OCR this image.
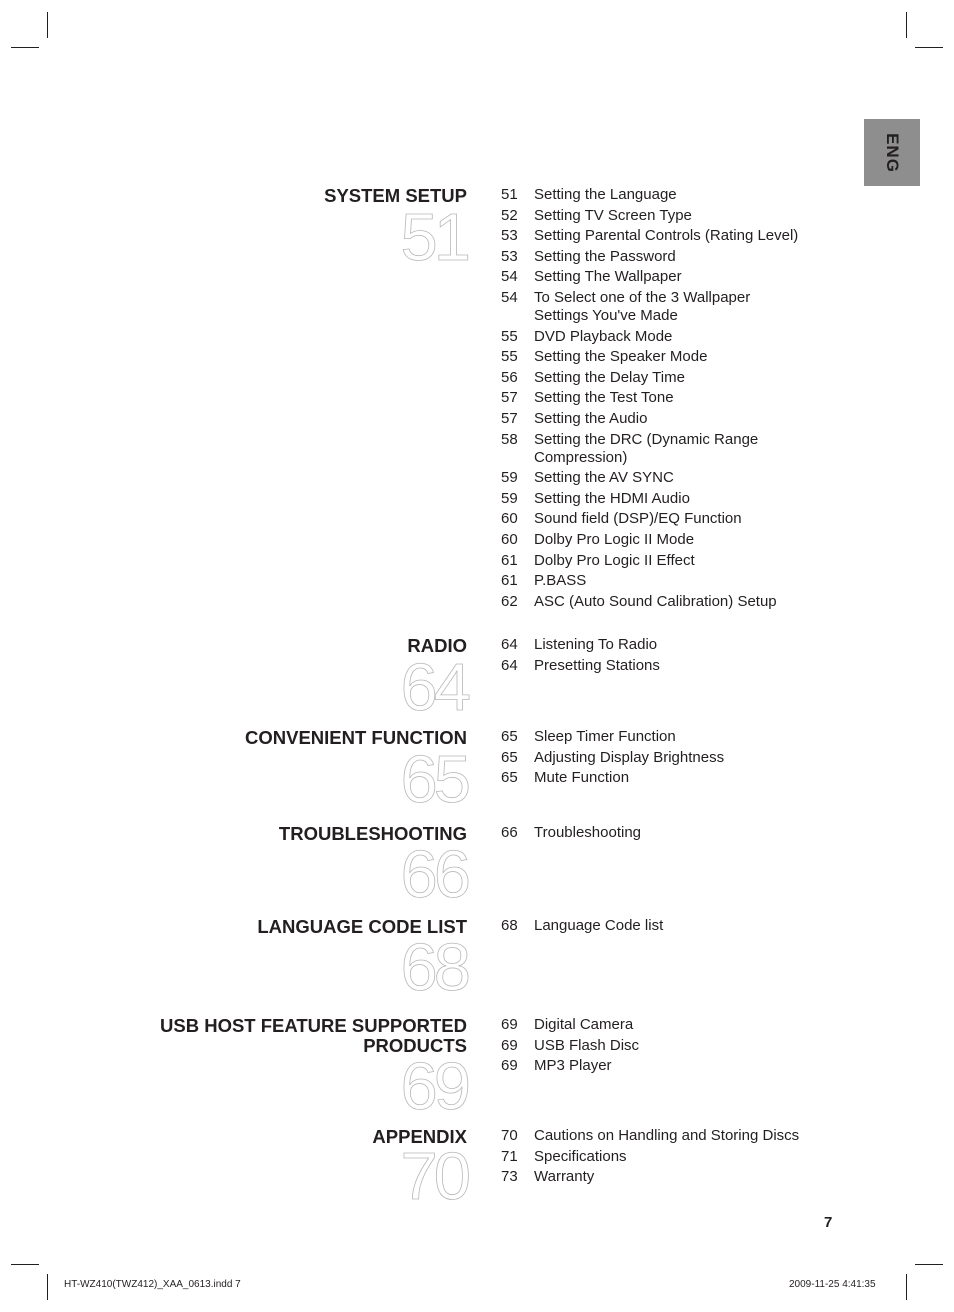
ENG
SYSTEM SETUP
51
51	Setting the Language
52	Setting TV Screen Type
53	Setting Parental Controls (Rating Level)
53	Setting the Password
54	Setting The Wallpaper
54	To Select one of the 3 Wallpaper Settings You've Made
55	DVD Playback Mode
55	Setting the Speaker Mode
56	Setting the Delay Time
57	Setting the Test Tone
57	Setting the Audio
58	Setting the DRC (Dynamic Range Compression)
59	Setting the AV SYNC
59	Setting the HDMI Audio
60	Sound field (DSP)/EQ Function
60	Dolby Pro Logic II Mode
61	Dolby Pro Logic II Effect
61	P.BASS
62	ASC (Auto Sound Calibration) Setup
RADIO
64
64	Listening To Radio
64	Presetting Stations
CONVENIENT FUNCTION
65
65	Sleep Timer Function
65	Adjusting Display Brightness
65	Mute Function
TROUBLESHOOTING
66
66	Troubleshooting
LANGUAGE CODE LIST
68
68	Language Code list
USB HOST FEATURE SUPPORTED PRODUCTS
69
69	Digital Camera
69	USB Flash Disc
69	MP3 Player
APPENDIX
70
70	Cautions on Handling and Storing Discs
71	Specifications
73	Warranty
7
HT-WZ410(TWZ412)_XAA_0613.indd 7	2009-11-25 4:41:35
